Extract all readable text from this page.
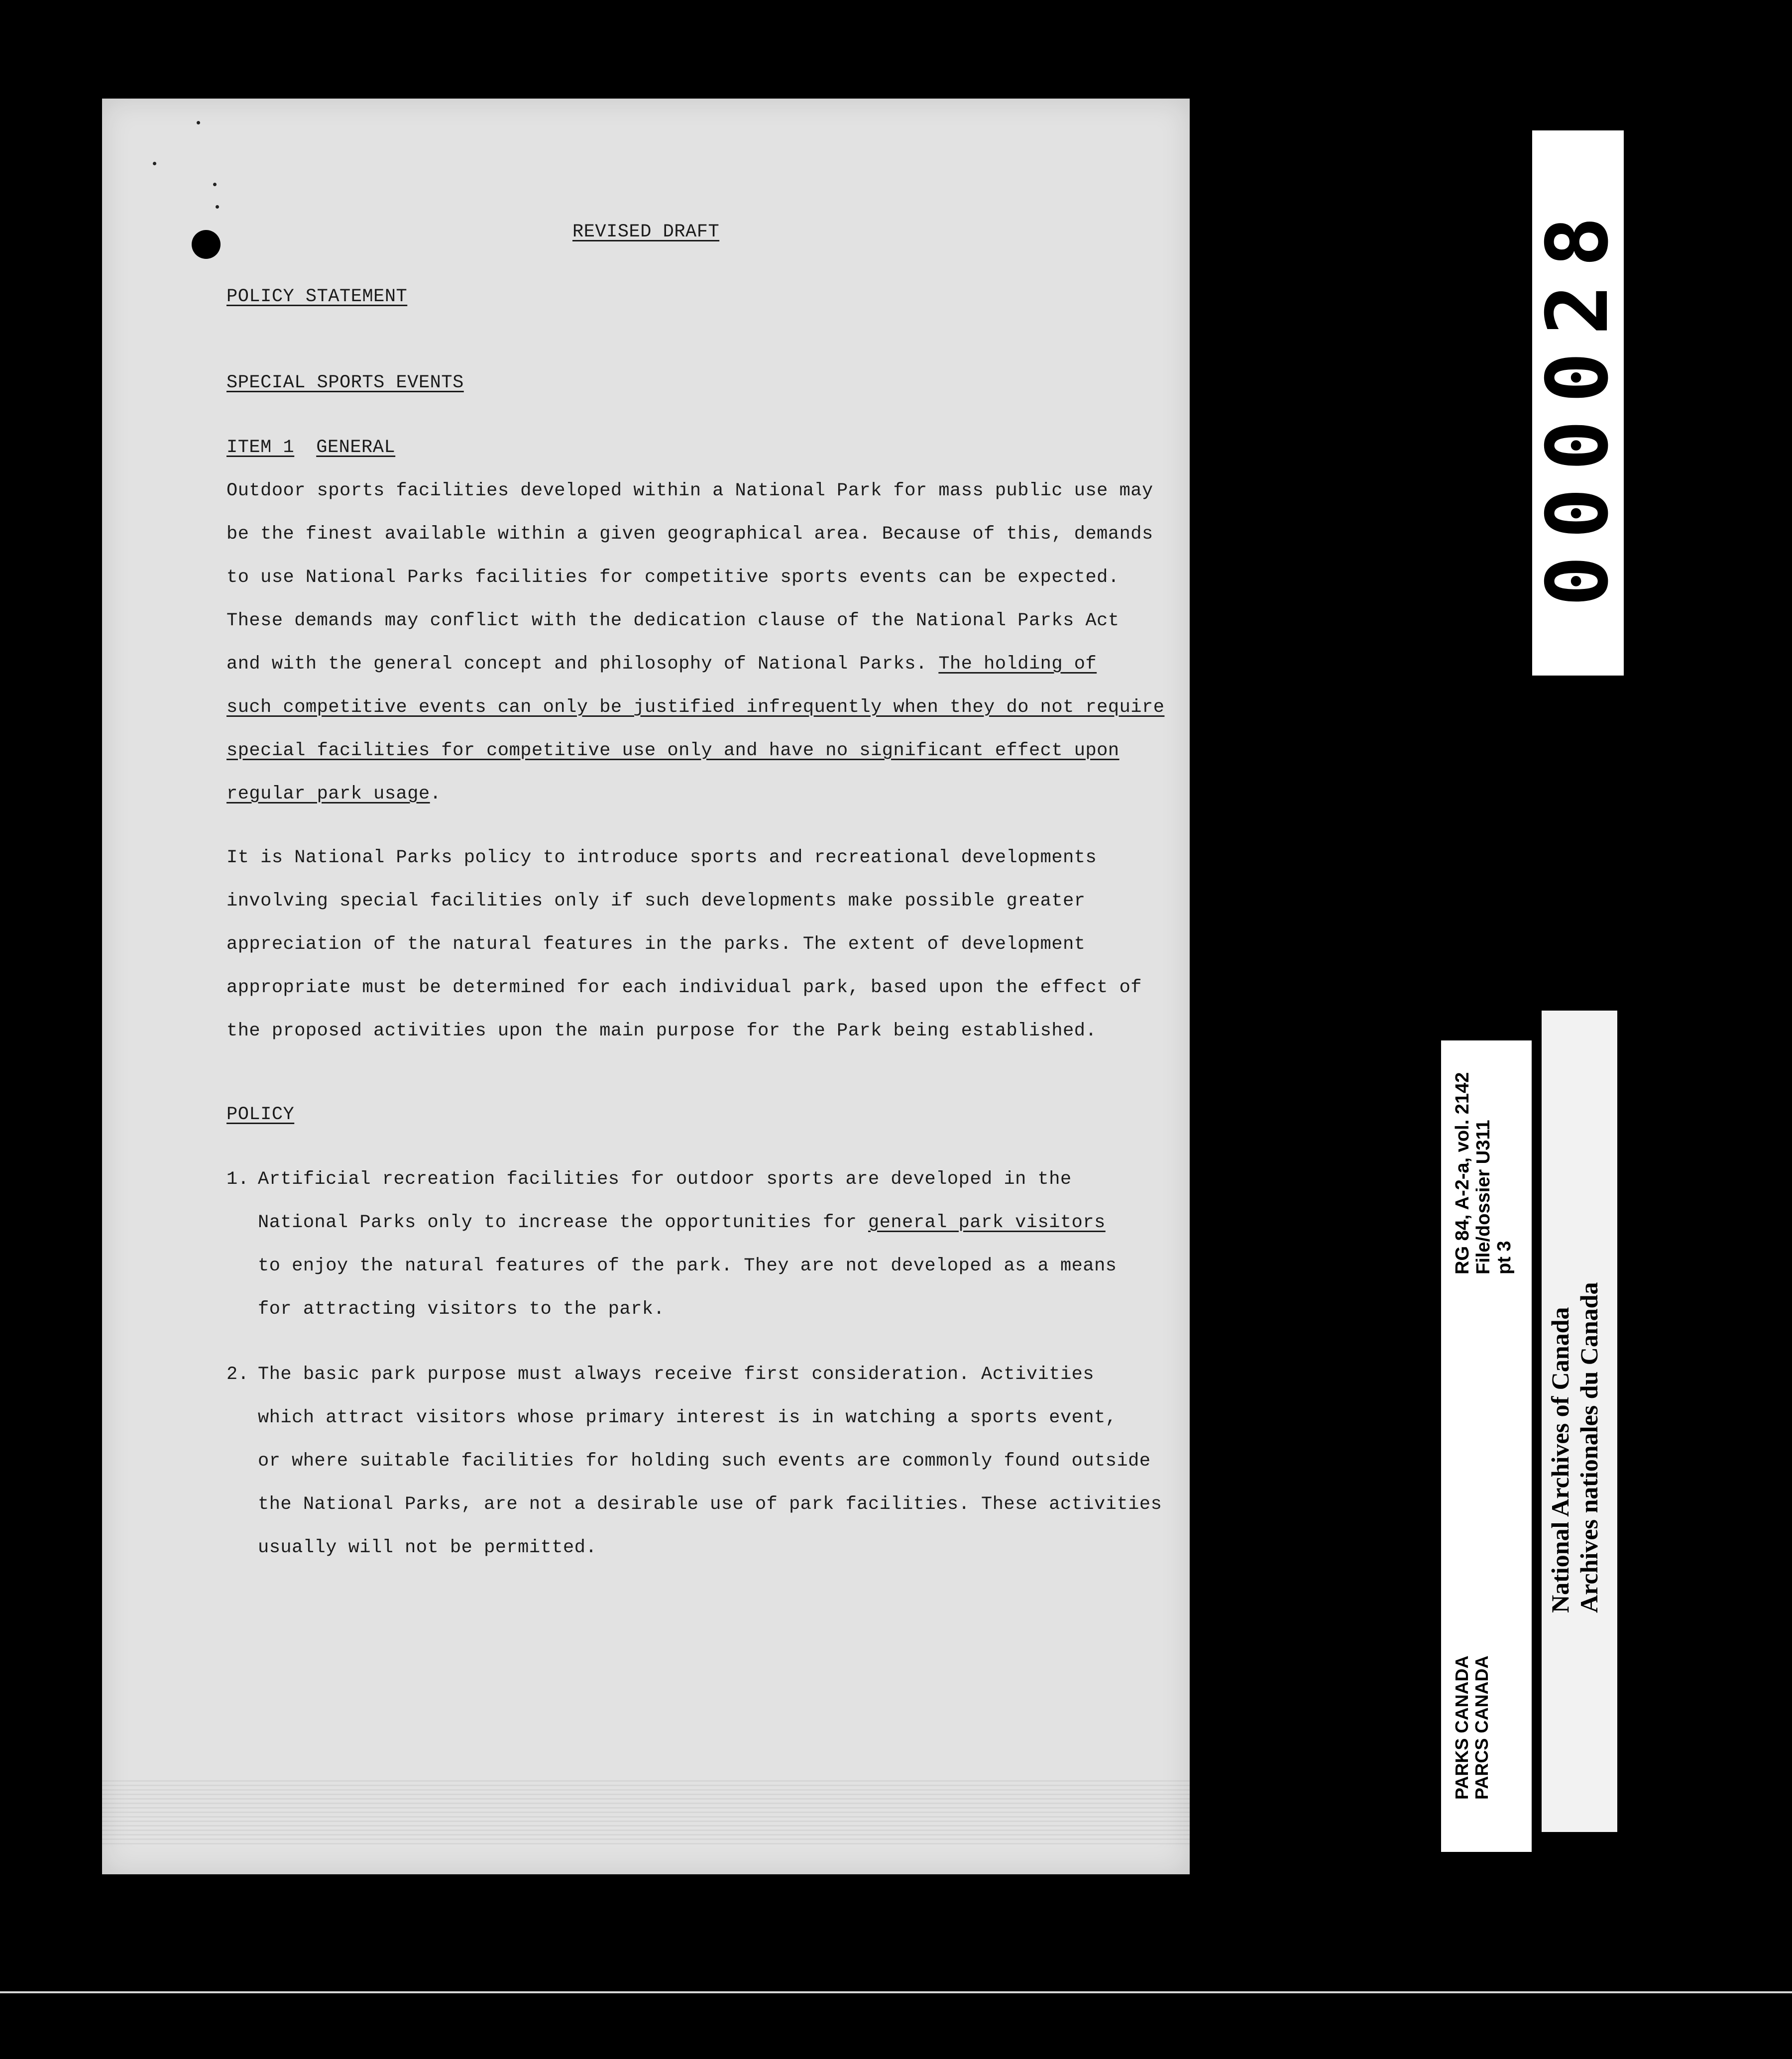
REVISED DRAFT
POLICY STATEMENT
SPECIAL SPORTS EVENTS
ITEM 1 GENERAL
Outdoor sports facilities developed within a National Park for mass public use may
be the finest available within a given geographical area. Because of this, demands
to use National Parks facilities for competitive sports events can be expected.
These demands may conflict with the dedication clause of the National Parks Act
and with the general concept and philosophy of National Parks. The holding of
such competitive events can only be justified infrequently when they do not require
special facilities for competitive use only and have no significant effect upon
regular park usage.
It is National Parks policy to introduce sports and recreational developments
involving special facilities only if such developments make possible greater
appreciation of the natural features in the parks. The extent of development
appropriate must be determined for each individual park, based upon the effect of
the proposed activities upon the main purpose for the Park being established.
POLICY
1. Artificial recreation facilities for outdoor sports are developed in the
National Parks only to increase the opportunities for general park visitors
to enjoy the natural features of the park. They are not developed as a means
for attracting visitors to the park.
2. The basic park purpose must always receive first consideration. Activities
which attract visitors whose primary interest is in watching a sports event,
or where suitable facilities for holding such events are commonly found outside
the National Parks, are not a desirable use of park facilities. These activities
usually will not be permitted.
000028
RG 84, A-2-a, vol. 2142 File/dossier U311 pt 3
PARKS CANADA PARCS CANADA
National Archives of Canada Archives nationales du Canada
